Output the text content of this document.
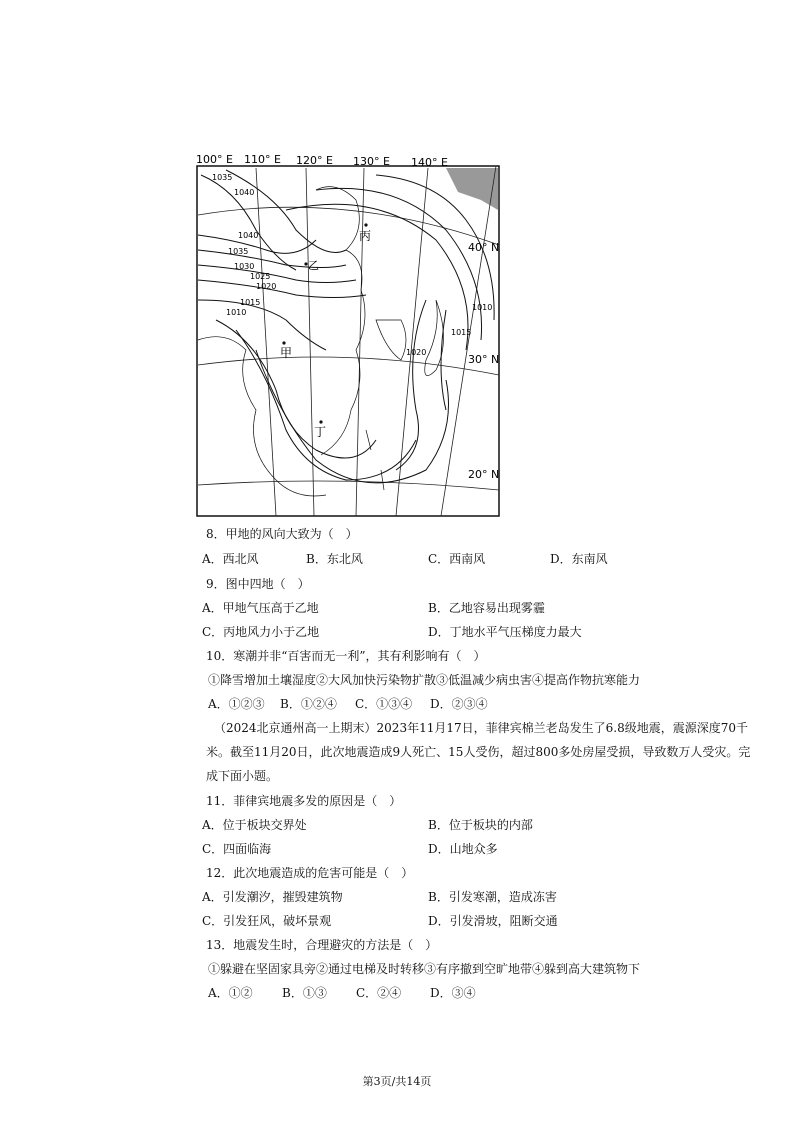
100° E 110° E 120° E 130° E 140° E
40° N
30° N
20° N
1035
1040
1040
1035
1030
1025
1020
1015
1010
1020
1015
1010
丙
乙
甲
丁
8．甲地的风向大致为（　）
A．西北风	B．东北风	C．西南风	D．东南风
9．图中四地（　）
A．甲地气压高于乙地	B．乙地容易出现雾霾
C．丙地风力小于乙地	D．丁地水平气压梯度力最大
10．寒潮并非“百害而无一利”，其有利影响有（　）
①降雪增加土壤湿度②大风加快污染物扩散③低温减少病虫害④提高作物抗寒能力
A．①②③ B．①②④ C．①③④ D．②③④
（2024北京通州高一上期末）2023年11月17日，菲律宾棉兰老岛发生了6.8级地震，震源深度70千
米。截至11月20日，此次地震造成9人死亡、15人受伤，超过800多处房屋受损，导致数万人受灾。完
成下面小题。
11．菲律宾地震多发的原因是（　）
A．位于板块交界处	B．位于板块的内部
C．四面临海	D．山地众多
12．此次地震造成的危害可能是（　）
A．引发潮汐，摧毁建筑物	B．引发寒潮，造成冻害
C．引发狂风，破坏景观	D．引发滑坡，阻断交通
13．地震发生时，合理避灾的方法是（　）
①躲避在坚固家具旁②通过电梯及时转移③有序撤到空旷地带④躲到高大建筑物下
A．①② B．①③ C．②④ D．③④
第3页/共14页
